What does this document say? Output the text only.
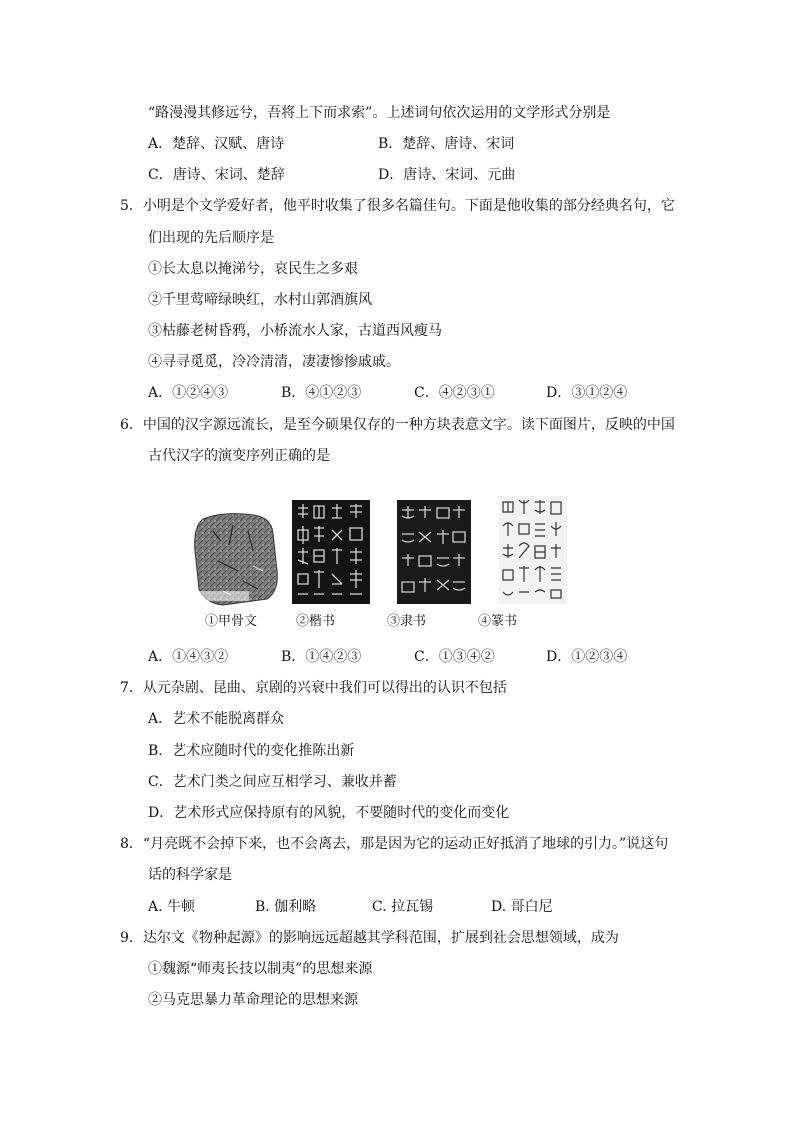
“路漫漫其修远兮，吾将上下而求索”。上述词句依次运用的文学形式分别是
A．楚辞、汉赋、唐诗	B．楚辞、唐诗、宋词
C．唐诗、宋词、楚辞	D．唐诗、宋词、元曲
5．小明是个文学爱好者，他平时收集了很多名篇佳句。下面是他收集的部分经典名句，它
们出现的先后顺序是
①长太息以掩涕兮，哀民生之多艰
②千里莺啼绿映红，水村山郭酒旗风
③枯藤老树昏鸦，小桥流水人家，古道西风瘦马
④寻寻觅觅，冷冷清清，凄凄惨惨戚戚。
A．①②④③	B．④①②③	C．④②③①	D．③①②④
6．中国的汉字源远流长，是至今硕果仅存的一种方块表意文字。读下面图片，反映的中国
古代汉字的演变序列正确的是
①甲骨文	②楷书	③隶书	④篆书
A．①④③②	B．①④②③	C．①③④②	D．①②③④
7．从元杂剧、昆曲、京剧的兴衰中我们可以得出的认识不包括
A．艺术不能脱离群众
B．艺术应随时代的变化推陈出新
C．艺术门类之间应互相学习、兼收并蓄
D．艺术形式应保持原有的风貌，不要随时代的变化而变化
8．“月亮既不会掉下来，也不会离去，那是因为它的运动正好抵消了地球的引力。”说这句
话的科学家是
A. 牛顿	B. 伽利略	C. 拉瓦锡	D. 哥白尼
9．达尔文《物种起源》的影响远远超越其学科范围，扩展到社会思想领域，成为
①魏源“师夷长技以制夷”的思想来源
②马克思暴力革命理论的思想来源
